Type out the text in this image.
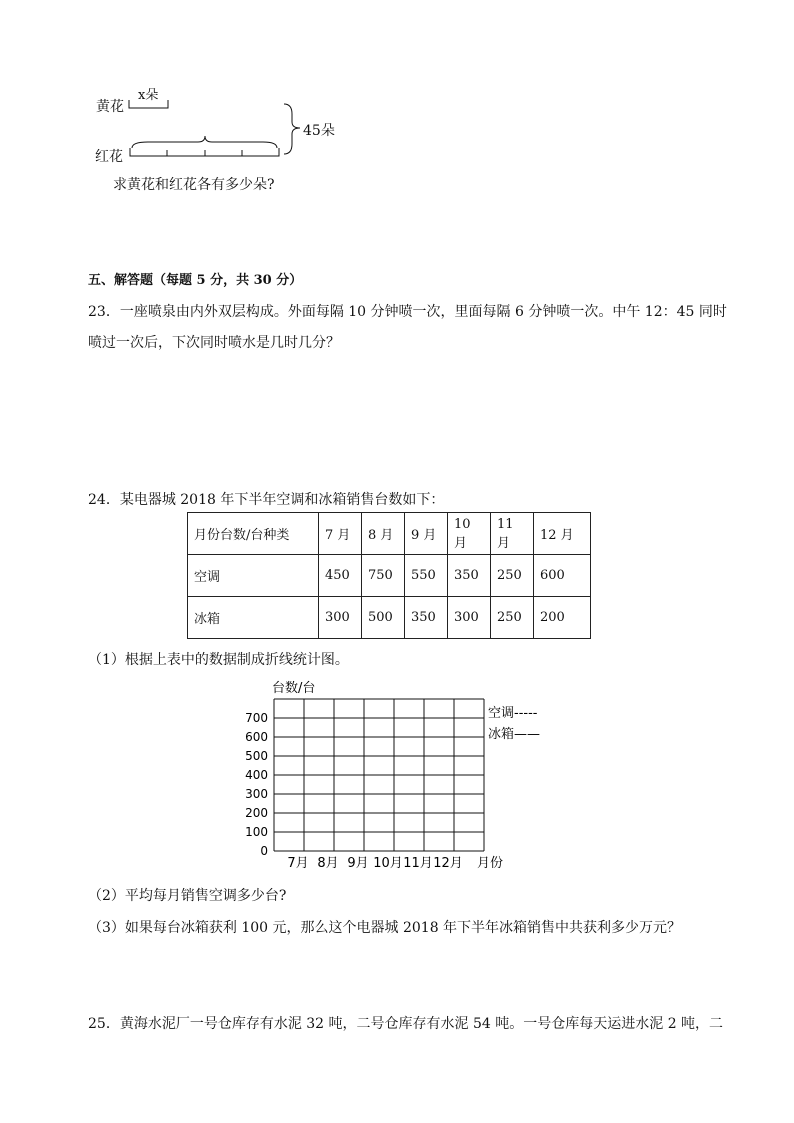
黄花
x朵
红花
45朵
求黄花和红花各有多少朵?
五、解答题（每题 5 分，共 30 分）
23．一座喷泉由内外双层构成。外面每隔 10 分钟喷一次，里面每隔 6 分钟喷一次。中午 12：45 同时
喷过一次后，下次同时喷水是几时几分？
24．某电器城 2018 年下半年空调和冰箱销售台数如下：
月份台数/台种类	7 月	8 月	9 月	10 月	11 月	12 月
空调	450	750	550	350	250	600
冰箱	300	500	350	300	250	200
（1）根据上表中的数据制成折线统计图。
台数/台
700
600
500
400
300
200
100
0
7月 8月 9月 10月 11月 12月 月份
空调-----
冰箱——
（2）平均每月销售空调多少台?
（3）如果每台冰箱获利 100 元，那么这个电器城 2018 年下半年冰箱销售中共获利多少万元？
25．黄海水泥厂一号仓库存有水泥 32 吨，二号仓库存有水泥 54 吨。一号仓库每天运进水泥 2 吨，二
